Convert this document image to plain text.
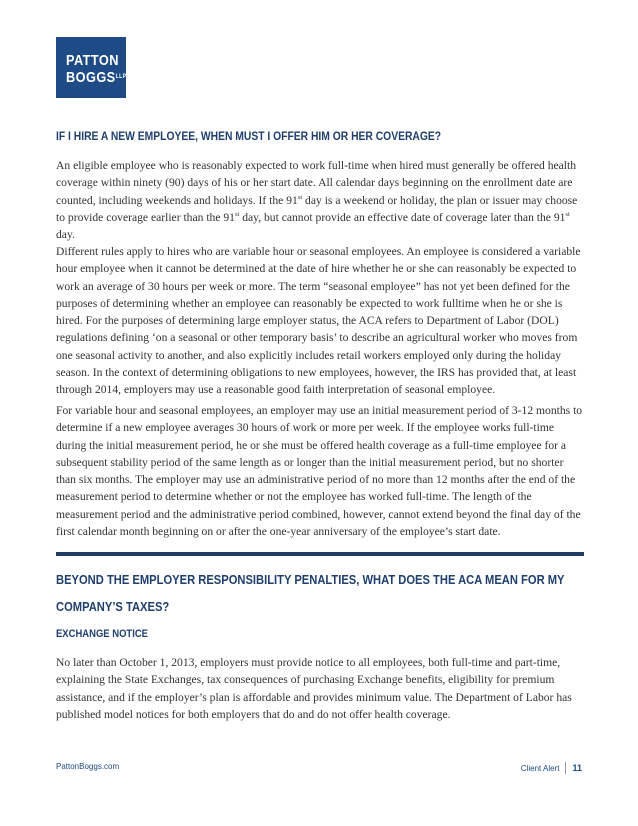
PATTON
$BOGGS^{LLP}$
IF I HIRE A NEW EMPLOYEE, WHEN MUST I OFFER HIM OR HER COVERAGE?

An eligible employee who is reasonably expected to work full-time when hired must generally be offered health coverage within ninety (90) days of his or her start date. All calendar days beginning on the enrollment date are counted, including weekends and holidays. If the 91st day is a weekend or holiday, the plan or issuer may choose to provide coverage earlier than the 91st day, but cannot provide an effective date of coverage later than the 91st day.

Different rules apply to hires who are variable hour or seasonal employees. An employee is considered a variable hour employee when it cannot be determined at the date of hire whether he or she can reasonably be expected to work an average of 30 hours per week or more. The term “seasonal employee” has not yet been defined for the purposes of determining whether an employee can reasonably be expected to work fulltime when he or she is hired. For the purposes of determining large employer status, the ACA refers to Department of Labor (DOL) regulations defining ‘on a seasonal or other temporary basis’ to describe an agricultural worker who moves from one seasonal activity to another, and also explicitly includes retail workers employed only during the holiday season. In the context of determining obligations to new employees, however, the IRS has provided that, at least through 2014, employers may use a reasonable good faith interpretation of seasonal employee.

For variable hour and seasonal employees, an employer may use an initial measurement period of 3-12 months to determine if a new employee averages 30 hours of work or more per week. If the employee works full-time during the initial measurement period, he or she must be offered health coverage as a full-time employee for a subsequent stability period of the same length as or longer than the initial measurement period, but no shorter than six months. The employer may use an administrative period of no more than 12 months after the end of the measurement period to determine whether or not the employee has worked full-time. The length of the measurement period and the administrative period combined, however, cannot extend beyond the final day of the first calendar month beginning on or after the one-year anniversary of the employee’s start date.

BEYOND THE EMPLOYER RESPONSIBILITY PENALTIES, WHAT DOES THE ACA MEAN FOR MY
COMPANY’S TAXES?
EXCHANGE NOTICE

No later than October 1, 2013, employers must provide notice to all employees, both full-time and part-time, explaining the State Exchanges, tax consequences of purchasing Exchange benefits, eligibility for premium assistance, and if the employer’s plan is affordable and provides minimum value. The Department of Labor has published model notices for both employers that do and do not offer health coverage.

PattonBoggs.com	Client Alert 11
